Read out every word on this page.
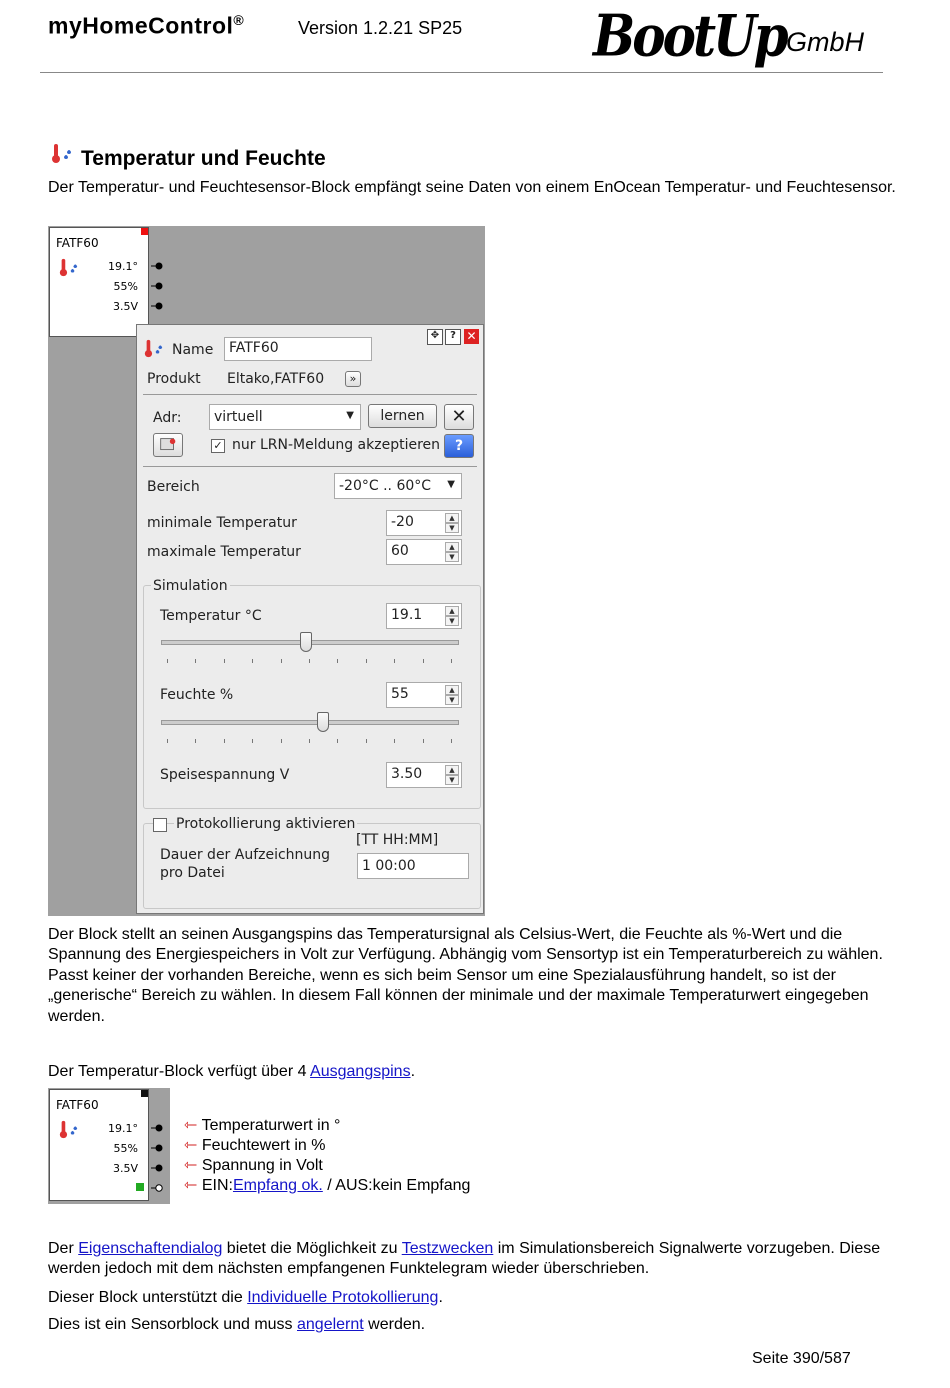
myHomeControl®	Version 1.2.21 SP25	BootUp GmbH
Temperatur und Feuchte
Der Temperatur- und Feuchtesensor-Block empfängt seine Daten von einem EnOcean Temperatur- und Feuchtesensor.
FATF60
19.1°
55%
3.5V
✥	? ✕
Name	FATF60
Produkt Eltako,FATF60	»
Adr:	virtuell	▼	lernen	✕
✓ nur LRN-Meldung akzeptieren	?
Bereich	-20°C .. 60°C ▼
minimale Temperatur	-20	▲
▼
maximale Temperatur	60	▲
▼
Simulation
Temperatur °C	19.1	▲
▼
Feuchte %	55	▲
▼
Speisespannung V	3.50	▲
▼
Protokollierung aktivieren
[TT HH:MM]
Dauer der Aufzeichnung pro Datei	1 00:00
Der Block stellt an seinen Ausgangspins das Temperatursignal als Celsius-Wert, die Feuchte als %-Wert und die Spannung des Energiespeichers in Volt zur Verfügung. Abhängig vom Sensortyp ist ein Temperaturbereich zu wählen. Passt keiner der vorhanden Bereiche, wenn es sich beim Sensor um eine Spezialausführung handelt, so ist der „generische“ Bereich zu wählen. In diesem Fall können der minimale und der maximale Temperaturwert eingegeben werden.
Der Temperatur-Block verfügt über 4 Ausgangspins.
FATF60
19.1°
55%
3.5V
⇽ Temperaturwert in °
⇽ Feuchtewert in %
⇽ Spannung in Volt
⇽ EIN:Empfang ok. / AUS:kein Empfang
Der Eigenschaftendialog bietet die Möglichkeit zu Testzwecken im Simulationsbereich Signalwerte vorzugeben. Diese werden jedoch mit dem nächsten empfangenen Funktelegram wieder überschrieben.
Dieser Block unterstützt die Individuelle Protokollierung.
Dies ist ein Sensorblock und muss angelernt werden.
Seite 390/587
